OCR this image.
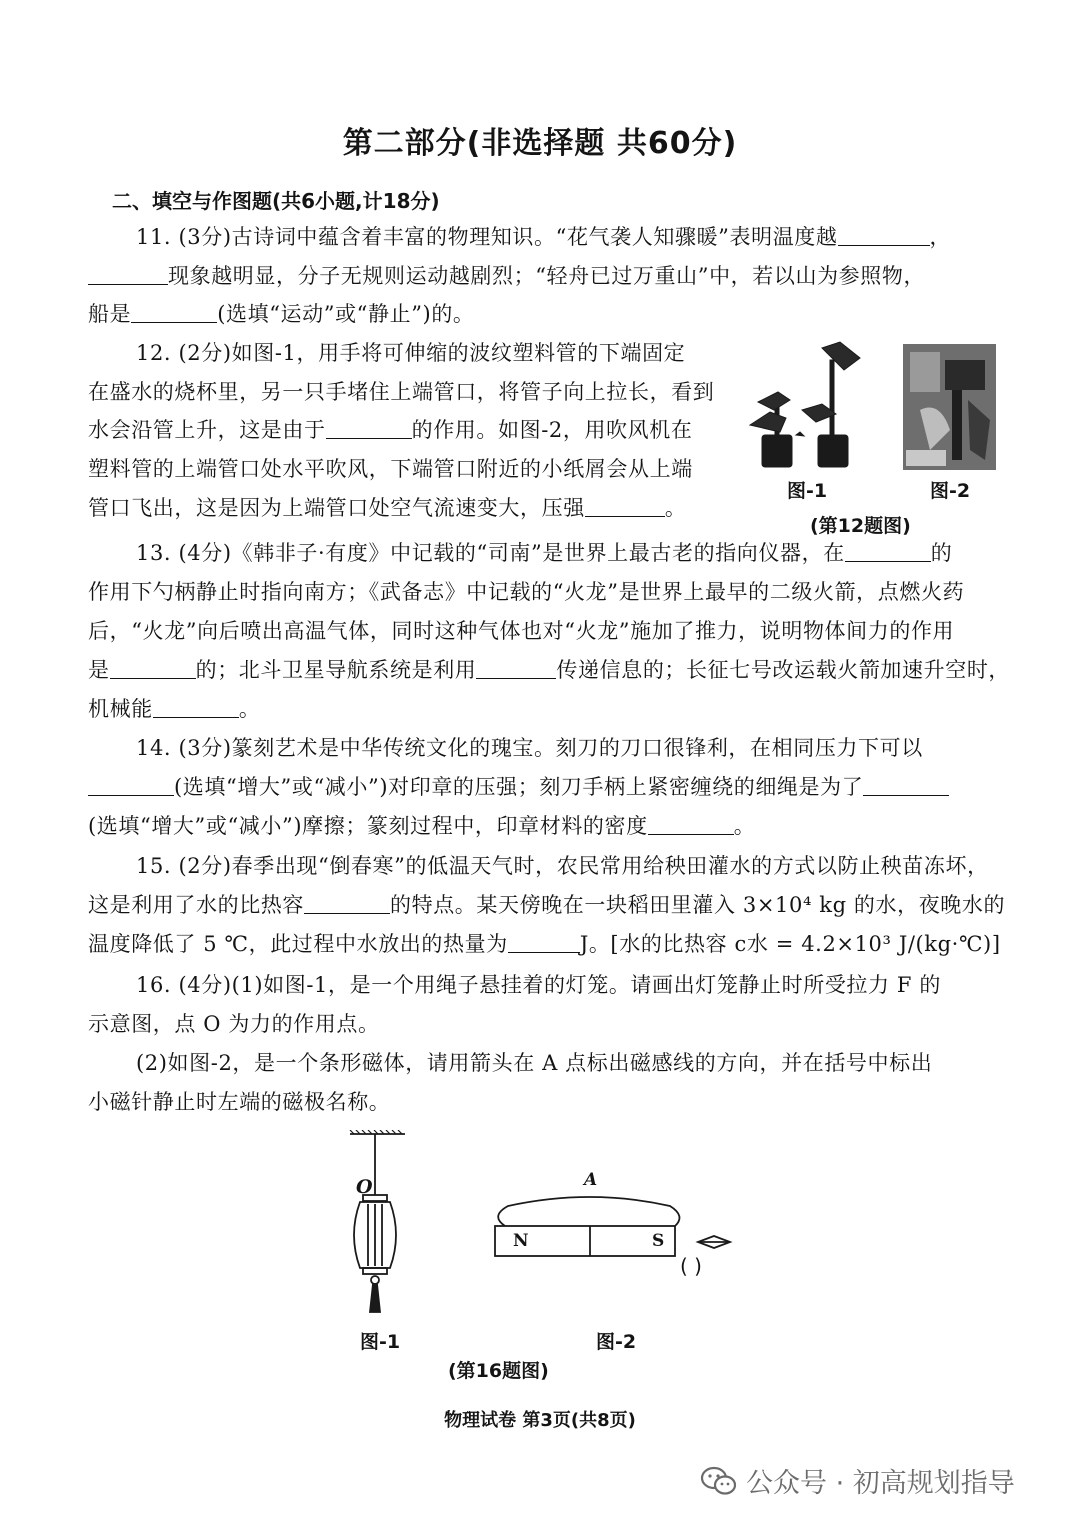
第二部分(非选择题 共60分)
二、填空与作图题(共6小题,计18分)
11. (3分)古诗词中蕴含着丰富的物理知识。“花气袭人知骤暖”表明温度越	，
现象越明显，分子无规则运动越剧烈；“轻舟已过万重山”中，若以山为参照物，
船是	(选填“运动”或“静止”)的。
12. (2分)如图-1，用手将可伸缩的波纹塑料管的下端固定
在盛水的烧杯里，另一只手堵住上端管口，将管子向上拉长，看到
水会沿管上升，这是由于	的作用。如图-2，用吹风机在
塑料管的上端管口处水平吹风，下端管口附近的小纸屑会从上端
管口飞出，这是因为上端管口处空气流速变大，压强	。
图-1	图-2
(第12题图)
13. (4分)《韩非子·有度》中记载的“司南”是世界上最古老的指向仪器，在	的
作用下勺柄静止时指向南方；《武备志》中记载的“火龙”是世界上最早的二级火箭，点燃火药
后，“火龙”向后喷出高温气体，同时这种气体也对“火龙”施加了推力，说明物体间力的作用
是	的；北斗卫星导航系统是利用	传递信息的；长征七号改运载火箭加速升空时，
机械能	。
14. (3分)篆刻艺术是中华传统文化的瑰宝。刻刀的刀口很锋利，在相同压力下可以
(选填“增大”或“减小”)对印章的压强；刻刀手柄上紧密缠绕的细绳是为了
(选填“增大”或“减小”)摩擦；篆刻过程中，印章材料的密度	。
15. (2分)春季出现“倒春寒”的低温天气时，农民常用给秧田灌水的方式以防止秧苗冻坏，
这是利用了水的比热容	的特点。某天傍晚在一块稻田里灌入 3×10⁴ kg 的水，夜晚水的
温度降低了 5 ℃，此过程中水放出的热量为	J。[水的比热容 c水 = 4.2×10³ J/(kg·℃)]
16. (4分)(1)如图-1，是一个用绳子悬挂着的灯笼。请画出灯笼静止时所受拉力 F 的
示意图，点 O 为力的作用点。
(2)如图-2，是一个条形磁体，请用箭头在 A 点标出磁感线的方向，并在括号中标出
小磁针静止时左端的磁极名称。
O	A
N	S
( )
图-1	图-2
(第16题图)
物理试卷 第3页(共8页)
公众号 · 初高规划指导
